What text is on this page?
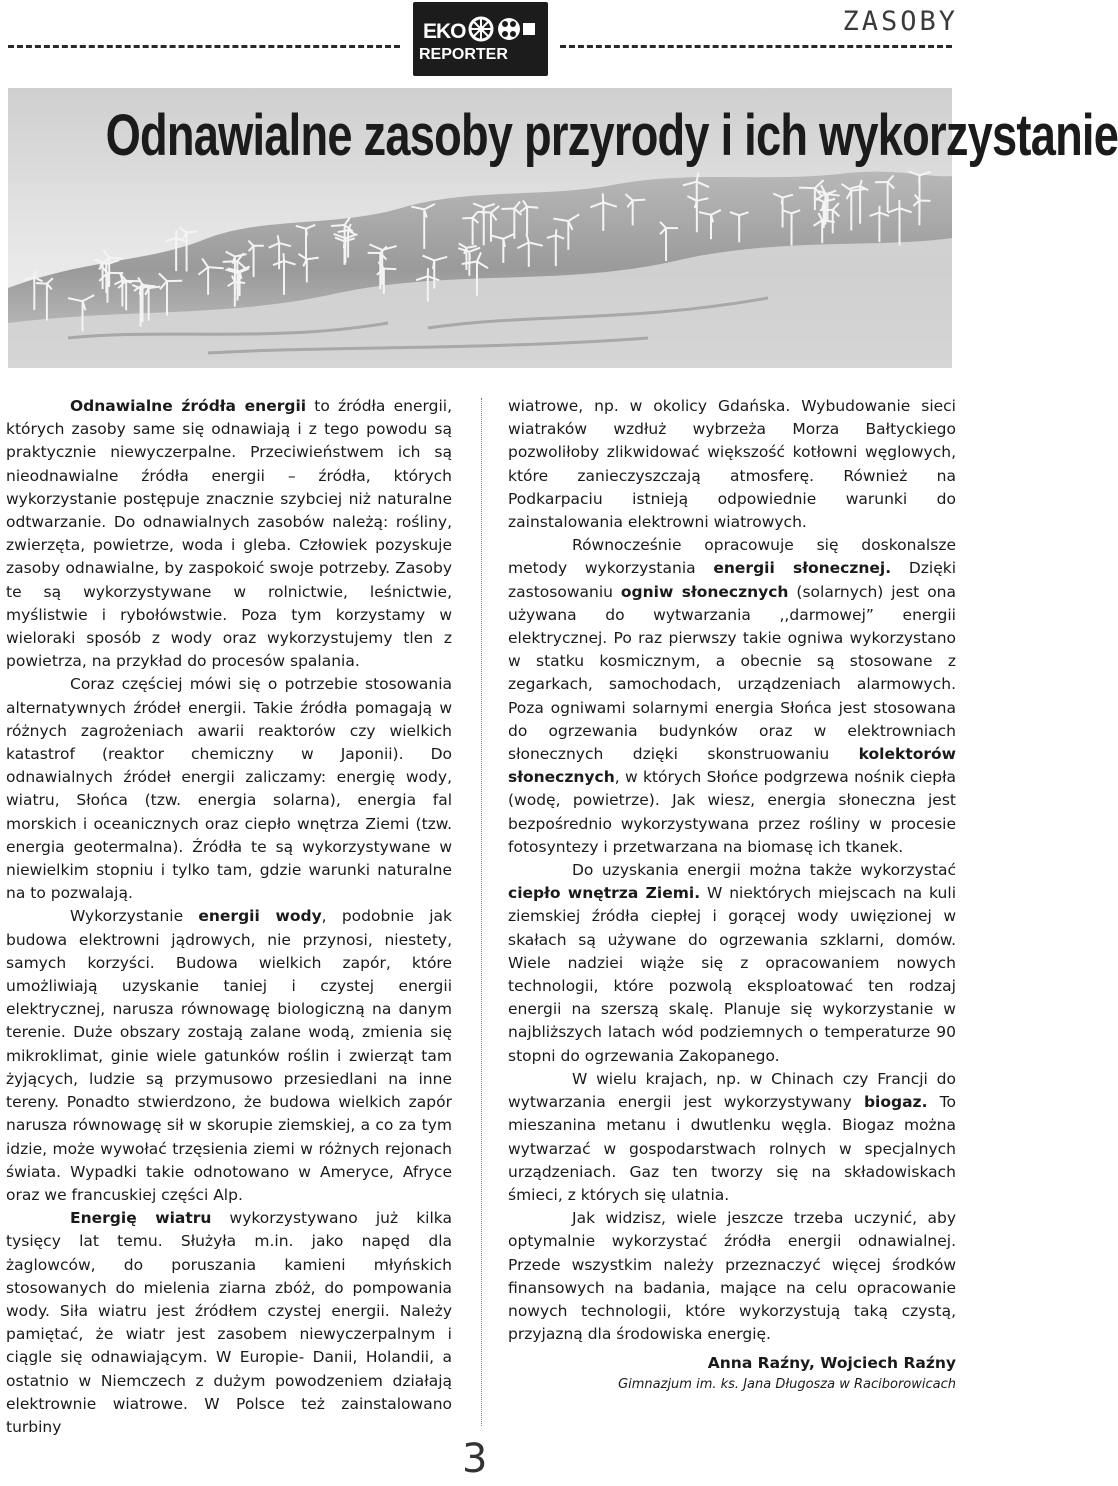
EKO
REPORTER
ZASOBY
Odnawialne zasoby przyrody i ich wykorzystanie

Odnawialne źródła energii to źródła energii, których zasoby same się odnawiają i z tego powodu są praktycznie niewyczerpalne. Przeciwieństwem ich są nieodnawialne źródła energii – źródła, których wykorzystanie postępuje znacznie szybciej niż naturalne odtwarzanie. Do odnawialnych zasobów należą: rośliny, zwierzęta, powietrze, woda i gleba. Człowiek pozyskuje zasoby odnawialne, by zaspokoić swoje potrzeby. Zasoby te są wykorzystywane w rolnictwie, leśnictwie, myślistwie i rybołówstwie. Poza tym korzystamy w wieloraki sposób z wody oraz wykorzystujemy tlen z powietrza, na przykład do procesów spalania.

Coraz częściej mówi się o potrzebie stosowania alternatywnych źródeł energii. Takie źródła pomagają w różnych zagrożeniach awarii reaktorów czy wielkich katastrof (reaktor chemiczny w Japonii). Do odnawialnych źródeł energii zaliczamy: energię wody, wiatru, Słońca (tzw. energia solarna), energia fal morskich i oceanicznych oraz ciepło wnętrza Ziemi (tzw. energia geotermalna). Źródła te są wykorzystywane w niewielkim stopniu i tylko tam, gdzie warunki naturalne na to pozwalają.

Wykorzystanie energii wody, podobnie jak budowa elektrowni jądrowych, nie przynosi, niestety, samych korzyści. Budowa wielkich zapór, które umożliwiają uzyskanie taniej i czystej energii elektrycznej, narusza równowagę biologiczną na danym terenie. Duże obszary zostają zalane wodą, zmienia się mikroklimat, ginie wiele gatunków roślin i zwierząt tam żyjących, ludzie są przymusowo przesiedlani na inne tereny. Ponadto stwierdzono, że budowa wielkich zapór narusza równowagę sił w skorupie ziemskiej, a co za tym idzie, może wywołać trzęsienia ziemi w różnych rejonach świata. Wypadki takie odnotowano w Ameryce, Afryce oraz we francuskiej części Alp.

Energię wiatru wykorzystywano już kilka tysięcy lat temu. Służyła m.in. jako napęd dla żaglowców, do poruszania kamieni młyńskich stosowanych do mielenia ziarna zbóż, do pompowania wody. Siła wiatru jest źródłem czystej energii. Należy pamiętać, że wiatr jest zasobem niewyczerpalnym i ciągle się odnawiającym. W Europie- Danii, Holandii, a ostatnio w Niemczech z dużym powodzeniem działają elektrownie wiatrowe. W Polsce też zainstalowano turbiny

wiatrowe, np. w okolicy Gdańska. Wybudowanie sieci wiatraków wzdłuż wybrzeża Morza Bałtyckiego pozwoliłoby zlikwidować większość kotłowni węglowych, które zanieczyszczają atmosferę. Również na Podkarpaciu istnieją odpowiednie warunki do zainstalowania elektrowni wiatrowych.

Równocześnie opracowuje się doskonalsze metody wykorzystania energii słonecznej. Dzięki zastosowaniu ogniw słonecznych (solarnych) jest ona używana do wytwarzania ,,darmowej” energii elektrycznej. Po raz pierwszy takie ogniwa wykorzystano w statku kosmicznym, a obecnie są stosowane z zegarkach, samochodach, urządzeniach alarmowych. Poza ogniwami solarnymi energia Słońca jest stosowana do ogrzewania budynków oraz w elektrowniach słonecznych dzięki skonstruowaniu kolektorów słonecznych, w których Słońce podgrzewa nośnik ciepła (wodę, powietrze). Jak wiesz, energia słoneczna jest bezpośrednio wykorzystywana przez rośliny w procesie fotosyntezy i przetwarzana na biomasę ich tkanek.

Do uzyskania energii można także wykorzystać ciepło wnętrza Ziemi. W niektórych miejscach na kuli ziemskiej źródła ciepłej i gorącej wody uwięzionej w skałach są używane do ogrzewania szklarni, domów. Wiele nadziei wiąże się z opracowaniem nowych technologii, które pozwolą eksploatować ten rodzaj energii na szerszą skalę. Planuje się wykorzystanie w najbliższych latach wód podziemnych o temperaturze 90 stopni do ogrzewania Zakopanego.

W wielu krajach, np. w Chinach czy Francji do wytwarzania energii jest wykorzystywany biogaz. To mieszanina metanu i dwutlenku węgla. Biogaz można wytwarzać w gospodarstwach rolnych w specjalnych urządzeniach. Gaz ten tworzy się na składowiskach śmieci, z których się ulatnia.

Jak widzisz, wiele jeszcze trzeba uczynić, aby optymalnie wykorzystać źródła energii odnawialnej. Przede wszystkim należy przeznaczyć więcej środków finansowych na badania, mające na celu opracowanie nowych technologii, które wykorzystują taką czystą, przyjazną dla środowiska energię.

Anna Raźny, Wojciech Raźny
Gimnazjum im. ks. Jana Długosza w Raciborowicach
3
